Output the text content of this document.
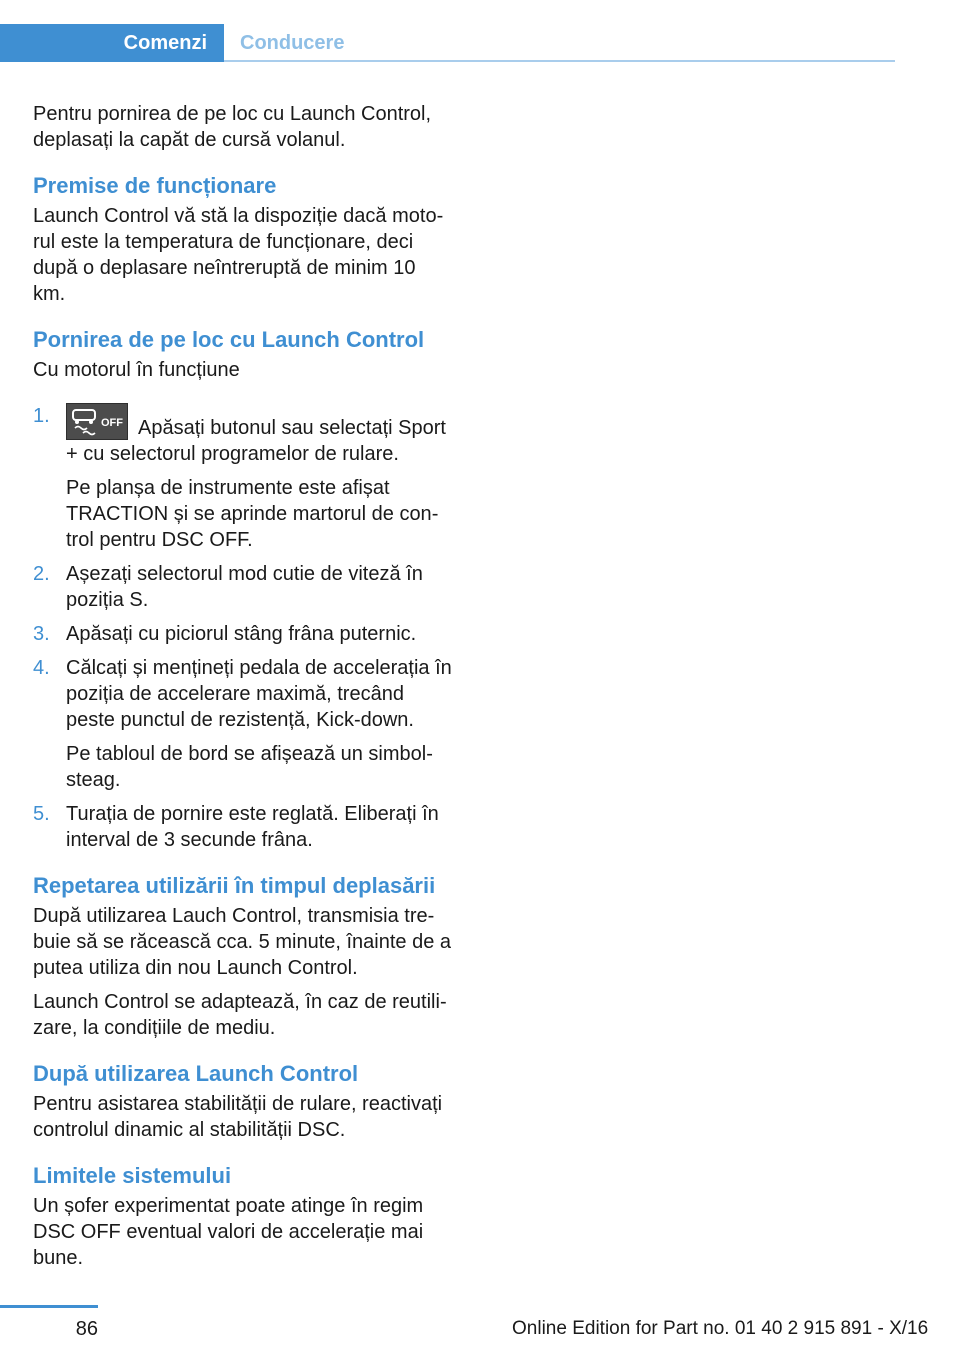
Comenzi	Conducere

Pentru pornirea de pe loc cu Launch Control, deplasați la capăt de cursă volanul.

Premise de funcționare

Launch Control vă stă la dispoziție dacă motorul este la temperatura de funcționare, deci după o deplasare neîntreruptă de minim 10 km.

Pornirea de pe loc cu Launch Control

Cu motorul în funcțiune

1.	OFF Apăsați butonul sau selectați Sport + cu selectorul programelor de rulare.

Pe planșa de instrumente este afișat TRACTION și se aprinde martorul de control pentru DSC OFF.

2. Așezați selectorul mod cutie de viteză în poziția S.

3. Apăsați cu piciorul stâng frâna puternic.

4. Călcați și mențineți pedala de accelerația în poziția de accelerare maximă, trecând peste punctul de rezistență, Kick-down.

Pe tabloul de bord se afișează un simbol-steag.

5. Turația de pornire este reglată. Eliberați în interval de 3 secunde frâna.

Repetarea utilizării în timpul deplasării

După utilizarea Lauch Control, transmisia trebuie să se răcească cca. 5 minute, înainte de a putea utiliza din nou Launch Control.

Launch Control se adaptează, în caz de reutilizare, la condițiile de mediu.

După utilizarea Launch Control

Pentru asistarea stabilității de rulare, reactivați controlul dinamic al stabilității DSC.

Limitele sistemului

Un șofer experimentat poate atinge în regim DSC OFF eventual valori de accelerație mai bune.

86	Online Edition for Part no. 01 40 2 915 891 - X/16
